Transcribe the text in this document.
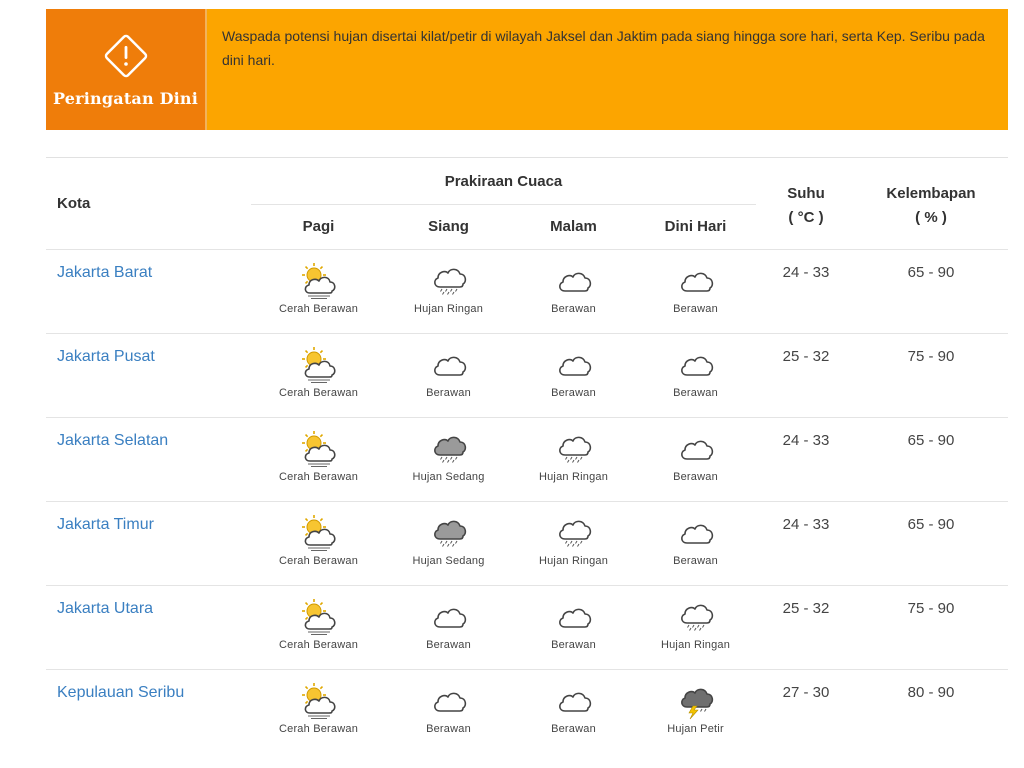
Peringatan Dini
Waspada potensi hujan disertai kilat/petir di wilayah Jaksel dan Jaktim pada siang hingga sore hari, serta Kep. Seribu pada dini hari.
Kota
Prakiraan Cuaca
Pagi	Siang	Malam	Dini Hari
Suhu
( °C )
Kelembapan
( % )
Jakarta Barat
Cerah Berawan	Hujan Ringan	Berawan	Berawan
24 - 33	65 - 90
Jakarta Pusat
Cerah Berawan	Berawan	Berawan	Berawan
25 - 32	75 - 90
Jakarta Selatan
Cerah Berawan	Hujan Sedang	Hujan Ringan	Berawan
24 - 33	65 - 90
Jakarta Timur
Cerah Berawan	Hujan Sedang	Hujan Ringan	Berawan
24 - 33	65 - 90
Jakarta Utara
Cerah Berawan	Berawan	Berawan	Hujan Ringan
25 - 32	75 - 90
Kepulauan Seribu
Cerah Berawan	Berawan	Berawan	Hujan Petir
27 - 30	80 - 90
